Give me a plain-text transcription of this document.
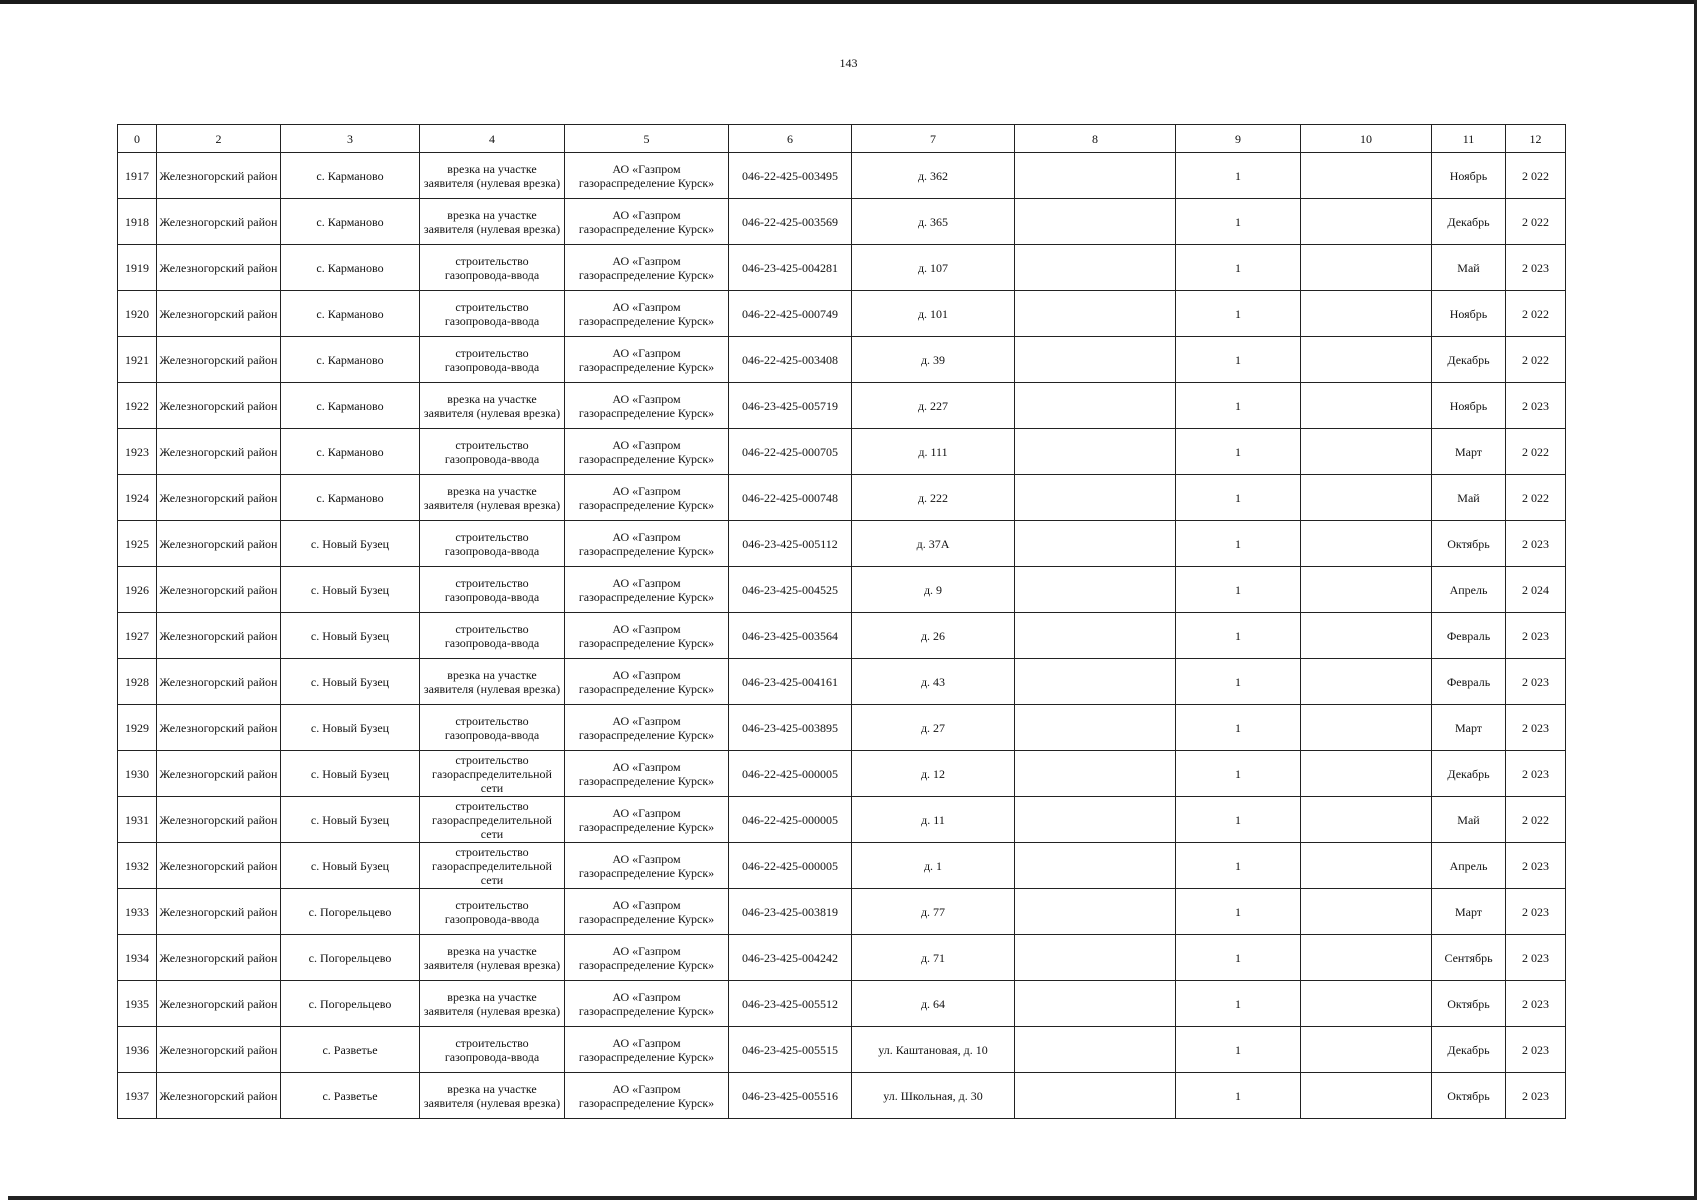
143
0	2	3	4	5	6	7	8	9	10	11	12
1917	Железногорский район	с. Карманово	врезка на участке заявителя (нулевая врезка)	АО «Газпром газораспределение Курск»	046-22-425-003495	д. 362		1		Ноябрь	2 022
1918	Железногорский район	с. Карманово	врезка на участке заявителя (нулевая врезка)	АО «Газпром газораспределение Курск»	046-22-425-003569	д. 365		1		Декабрь	2 022
1919	Железногорский район	с. Карманово	строительство газопровода-ввода	АО «Газпром газораспределение Курск»	046-23-425-004281	д. 107		1		Май	2 023
1920	Железногорский район	с. Карманово	строительство газопровода-ввода	АО «Газпром газораспределение Курск»	046-22-425-000749	д. 101		1		Ноябрь	2 022
1921	Железногорский район	с. Карманово	строительство газопровода-ввода	АО «Газпром газораспределение Курск»	046-22-425-003408	д. 39		1		Декабрь	2 022
1922	Железногорский район	с. Карманово	врезка на участке заявителя (нулевая врезка)	АО «Газпром газораспределение Курск»	046-23-425-005719	д. 227		1		Ноябрь	2 023
1923	Железногорский район	с. Карманово	строительство газопровода-ввода	АО «Газпром газораспределение Курск»	046-22-425-000705	д. 111		1		Март	2 022
1924	Железногорский район	с. Карманово	врезка на участке заявителя (нулевая врезка)	АО «Газпром газораспределение Курск»	046-22-425-000748	д. 222		1		Май	2 022
1925	Железногорский район	с. Новый Бузец	строительство газопровода-ввода	АО «Газпром газораспределение Курск»	046-23-425-005112	д. 37А		1		Октябрь	2 023
1926	Железногорский район	с. Новый Бузец	строительство газопровода-ввода	АО «Газпром газораспределение Курск»	046-23-425-004525	д. 9		1		Апрель	2 024
1927	Железногорский район	с. Новый Бузец	строительство газопровода-ввода	АО «Газпром газораспределение Курск»	046-23-425-003564	д. 26		1		Февраль	2 023
1928	Железногорский район	с. Новый Бузец	врезка на участке заявителя (нулевая врезка)	АО «Газпром газораспределение Курск»	046-23-425-004161	д. 43		1		Февраль	2 023
1929	Железногорский район	с. Новый Бузец	строительство газопровода-ввода	АО «Газпром газораспределение Курск»	046-23-425-003895	д. 27		1		Март	2 023
1930	Железногорский район	с. Новый Бузец	строительство газораспределительной сети	АО «Газпром газораспределение Курск»	046-22-425-000005	д. 12		1		Декабрь	2 023
1931	Железногорский район	с. Новый Бузец	строительство газораспределительной сети	АО «Газпром газораспределение Курск»	046-22-425-000005	д. 11		1		Май	2 022
1932	Железногорский район	с. Новый Бузец	строительство газораспределительной сети	АО «Газпром газораспределение Курск»	046-22-425-000005	д. 1		1		Апрель	2 023
1933	Железногорский район	с. Погорельцево	строительство газопровода-ввода	АО «Газпром газораспределение Курск»	046-23-425-003819	д. 77		1		Март	2 023
1934	Железногорский район	с. Погорельцево	врезка на участке заявителя (нулевая врезка)	АО «Газпром газораспределение Курск»	046-23-425-004242	д. 71		1		Сентябрь	2 023
1935	Железногорский район	с. Погорельцево	врезка на участке заявителя (нулевая врезка)	АО «Газпром газораспределение Курск»	046-23-425-005512	д. 64		1		Октябрь	2 023
1936	Железногорский район	с. Разветье	строительство газопровода-ввода	АО «Газпром газораспределение Курск»	046-23-425-005515	ул. Каштановая, д. 10		1		Декабрь	2 023
1937	Железногорский район	с. Разветье	врезка на участке заявителя (нулевая врезка)	АО «Газпром газораспределение Курск»	046-23-425-005516	ул. Школьная, д. 30		1		Октябрь	2 023
